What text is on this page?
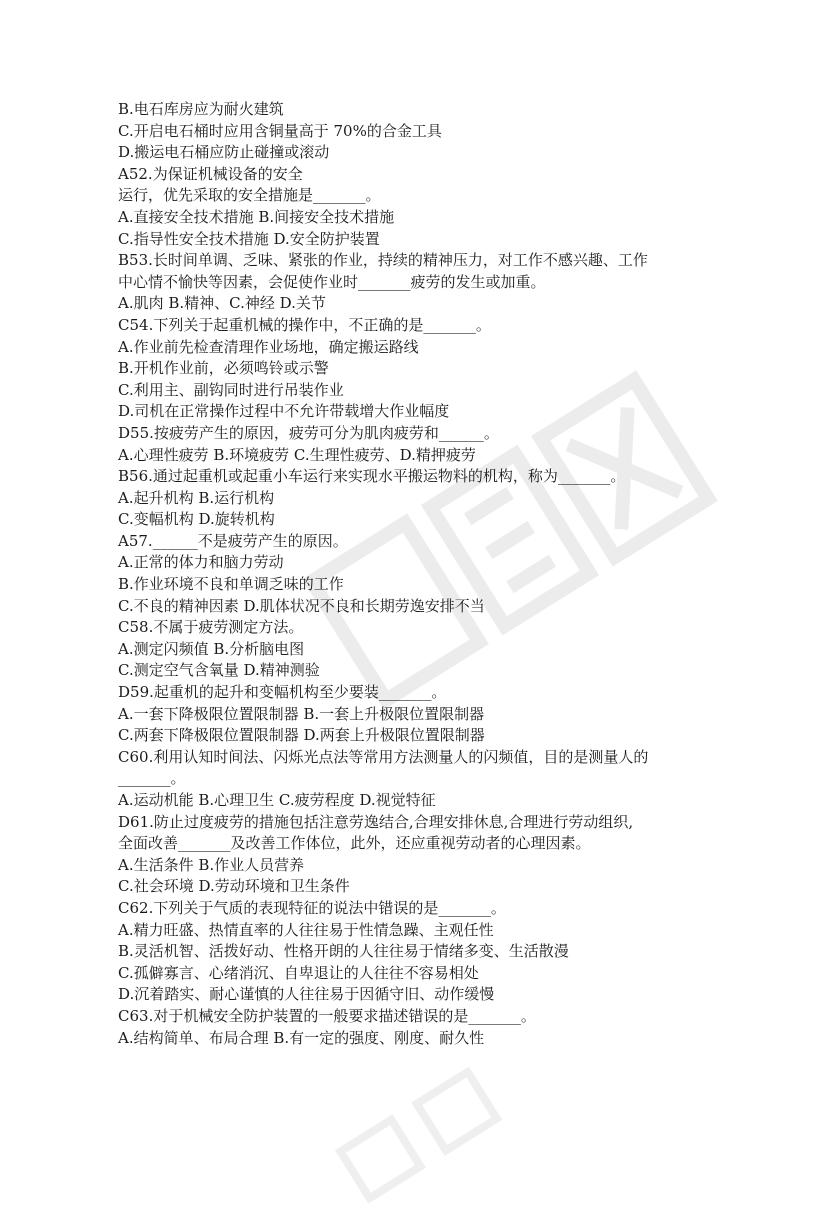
B.电石库房应为耐火建筑

C.开启电石桶时应用含铜量高于 70%的合金工具

D.搬运电石桶应防止碰撞或滚动

A52.为保证机械设备的安全

运行，优先采取的安全措施是_______。

A.直接安全技术措施 B.间接安全技术措施

C.指导性安全技术措施 D.安全防护装置

B53.长时间单调、乏味、紧张的作业，持续的精神压力，对工作不感兴趣、工作

中心情不愉快等因素，会促使作业时_______疲劳的发生或加重。

A.肌肉 B.精神、C.神经 D.关节

C54.下列关于起重机械的操作中，不正确的是_______。

A.作业前先检查清理作业场地，确定搬运路线

B.开机作业前，必须鸣铃或示警

C.利用主、副钩同时进行吊装作业

D.司机在正常操作过程中不允许带载增大作业幅度

D55.按疲劳产生的原因，疲劳可分为肌肉疲劳和______。

A.心理性疲劳 B.环境疲劳 C.生理性疲劳、D.精押疲劳

B56.通过起重机或起重小车运行来实现水平搬运物料的机构，称为_______。

A.起升机构 B.运行机构

C.变幅机构 D.旋转机构

A57.______不是疲劳产生的原因。

A.正常的体力和脑力劳动

B.作业环境不良和单调乏味的工作

C.不良的精神因素 D.肌体状况不良和长期劳逸安排不当

C58.不属于疲劳测定方法。

A.测定闪频值 B.分析脑电图

C.测定空气含氧量 D.精神测验

D59.起重机的起升和变幅机构至少要装_______。

A.一套下降极限位置限制器 B.一套上升极限位置限制器

C.两套下降极限位置限制器 D.两套上升极限位置限制器

C60.利用认知时间法、闪烁光点法等常用方法测量人的闪频值，目的是测量人的

_______。

A.运动机能 B.心理卫生 C.疲劳程度 D.视觉特征

D61.防止过度疲劳的措施包括注意劳逸结合,合理安排休息,合理进行劳动组织,

全面改善_______及改善工作体位，此外，还应重视劳动者的心理因素。

A.生活条件 B.作业人员营养

C.社会环境 D.劳动环境和卫生条件

C62.下列关于气质的表现特征的说法中错误的是_______。

A.精力旺盛、热情直率的人往往易于性情急躁、主观任性

B.灵活机智、活拨好动、性格开朗的人往往易于情绪多变、生活散漫

C.孤僻寡言、心绪消沉、自卑退让的人往往不容易相处

D.沉着踏实、耐心谨慎的人往往易于因循守旧、动作缓慢

C63.对于机械安全防护装置的一般要求描述错误的是_______。

A.结构简单、布局合理 B.有一定的强度、刚度、耐久性
